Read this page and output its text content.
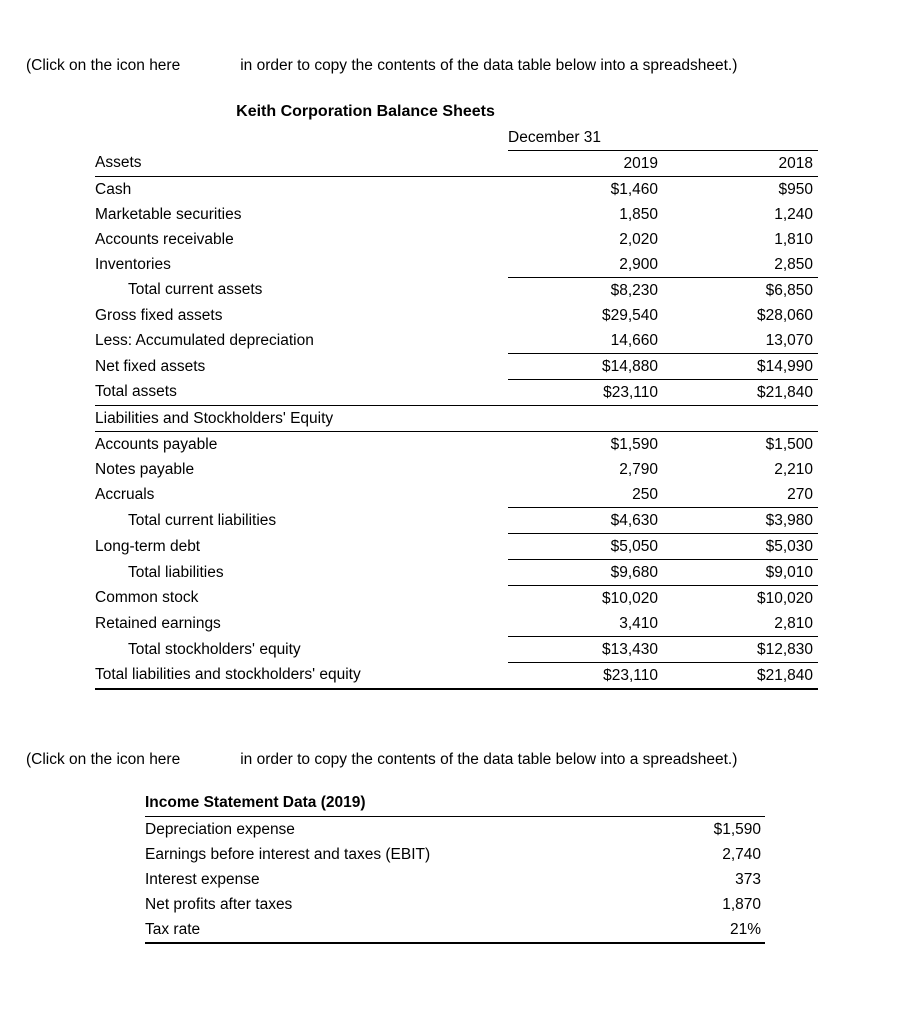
(Click on the icon here	in order to copy the contents of the data table below into a spreadsheet.)
Keith Corporation Balance Sheets
	December 31	
Assets	2019	2018
Cash	$1,460	$950
Marketable securities	1,850	1,240
Accounts receivable	2,020	1,810
Inventories	2,900	2,850
Total current assets	$8,230	$6,850
Gross fixed assets	$29,540	$28,060
Less: Accumulated depreciation	14,660	13,070
Net fixed assets	$14,880	$14,990
Total assets	$23,110	$21,840
Liabilities and Stockholders' Equity		
Accounts payable	$1,590	$1,500
Notes payable	2,790	2,210
Accruals	250	270
Total current liabilities	$4,630	$3,980
Long-term debt	$5,050	$5,030
Total liabilities	$9,680	$9,010
Common stock	$10,020	$10,020
Retained earnings	3,410	2,810
Total stockholders' equity	$13,430	$12,830
Total liabilities and stockholders' equity	$23,110	$21,840
(Click on the icon here	in order to copy the contents of the data table below into a spreadsheet.)
Income Statement Data (2019)	
Depreciation expense	$1,590
Earnings before interest and taxes (EBIT)	2,740
Interest expense	373
Net profits after taxes	1,870
Tax rate	21%
